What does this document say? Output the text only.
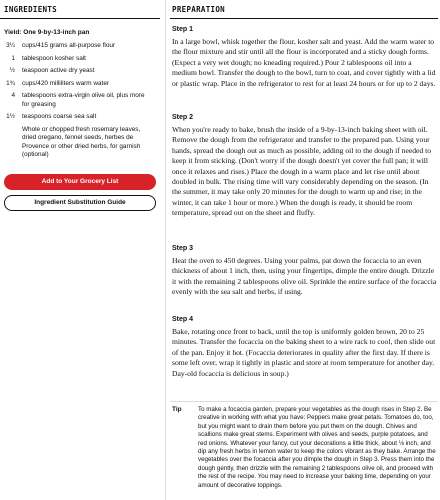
INGREDIENTS
Yield: One 9-by-13-inch pan
3¼	cups/415 grams all-purpose flour
1	tablespoon kosher salt
½	teaspoon active dry yeast
1¾	cups/420 milliliters warm water
4	tablespoons extra-virgin olive oil, plus more for greasing
1½	teaspoons coarse sea salt
Whole or chopped fresh rosemary leaves, dried oregano, fennel seeds, herbes de Provence or other dried herbs, for garnish (optional)
Add to Your Grocery List
Ingredient Substitution Guide
PREPARATION
Step 1
In a large bowl, whisk together the flour, kosher salt and yeast. Add the warm water to the flour mixture and stir until all the flour is incorporated and a sticky dough forms. (Expect a very wet dough; no kneading required.) Pour 2 tablespoons oil into a medium bowl. Transfer the dough to the bowl, turn to coat, and cover tightly with a lid or plastic wrap. Place in the refrigerator to rest for at least 24 hours or for up to 2 days.
Step 2
When you're ready to bake, brush the inside of a 9-by-13-inch baking sheet with oil. Remove the dough from the refrigerator and transfer to the prepared pan. Using your hands, spread the dough out as much as possible, adding oil to the dough if needed to keep it from sticking. (Don't worry if the dough doesn't yet cover the full pan; it will once it relaxes and rises.) Place the dough in a warm place and let rise until about doubled in bulk. The rising time will vary considerably depending on the season. (In the summer, it may take only 20 minutes for the dough to warm up and rise; in the winter, it can take 1 hour or more.) When the dough is ready, it should be room temperature, spread out on the sheet and fluffy.
Step 3
Heat the oven to 450 degrees. Using your palms, pat down the focaccia to an even thickness of about 1 inch, then, using your fingertips, dimple the entire dough. Drizzle it with the remaining 2 tablespoons olive oil. Sprinkle the entire surface of the focaccia evenly with the sea salt and herbs, if using.
Step 4
Bake, rotating once front to back, until the top is uniformly golden brown, 20 to 25 minutes. Transfer the focaccia on the baking sheet to a wire rack to cool, then slide out of the pan. Enjoy it hot. (Focaccia deteriorates in quality after the first day. If there is some left over, wrap it tightly in plastic and store at room temperature for another day. Day-old focaccia is delicious in soup.)
Tip	To make a focaccia garden, prepare your vegetables as the dough rises in Step 2. Be creative in working with what you have: Peppers make great petals. Tomatoes do, too, but you might want to drain them before you put them on the dough. Chives and scallions make great stems. Experiment with olives and seeds, purple potatoes, and red onions. Whatever your fancy, cut your decorations a little thick, about ⅛ inch, and dip any fresh herbs in lemon water to keep the colors vibrant as they bake. Arrange the vegetables over the focaccia after you dimple the dough in Step 3. Press them into the dough gently, then drizzle with the remaining 2 tablespoons olive oil, and proceed with the rest of the recipe. You may need to increase your baking time, depending on your amount of decorative toppings.
